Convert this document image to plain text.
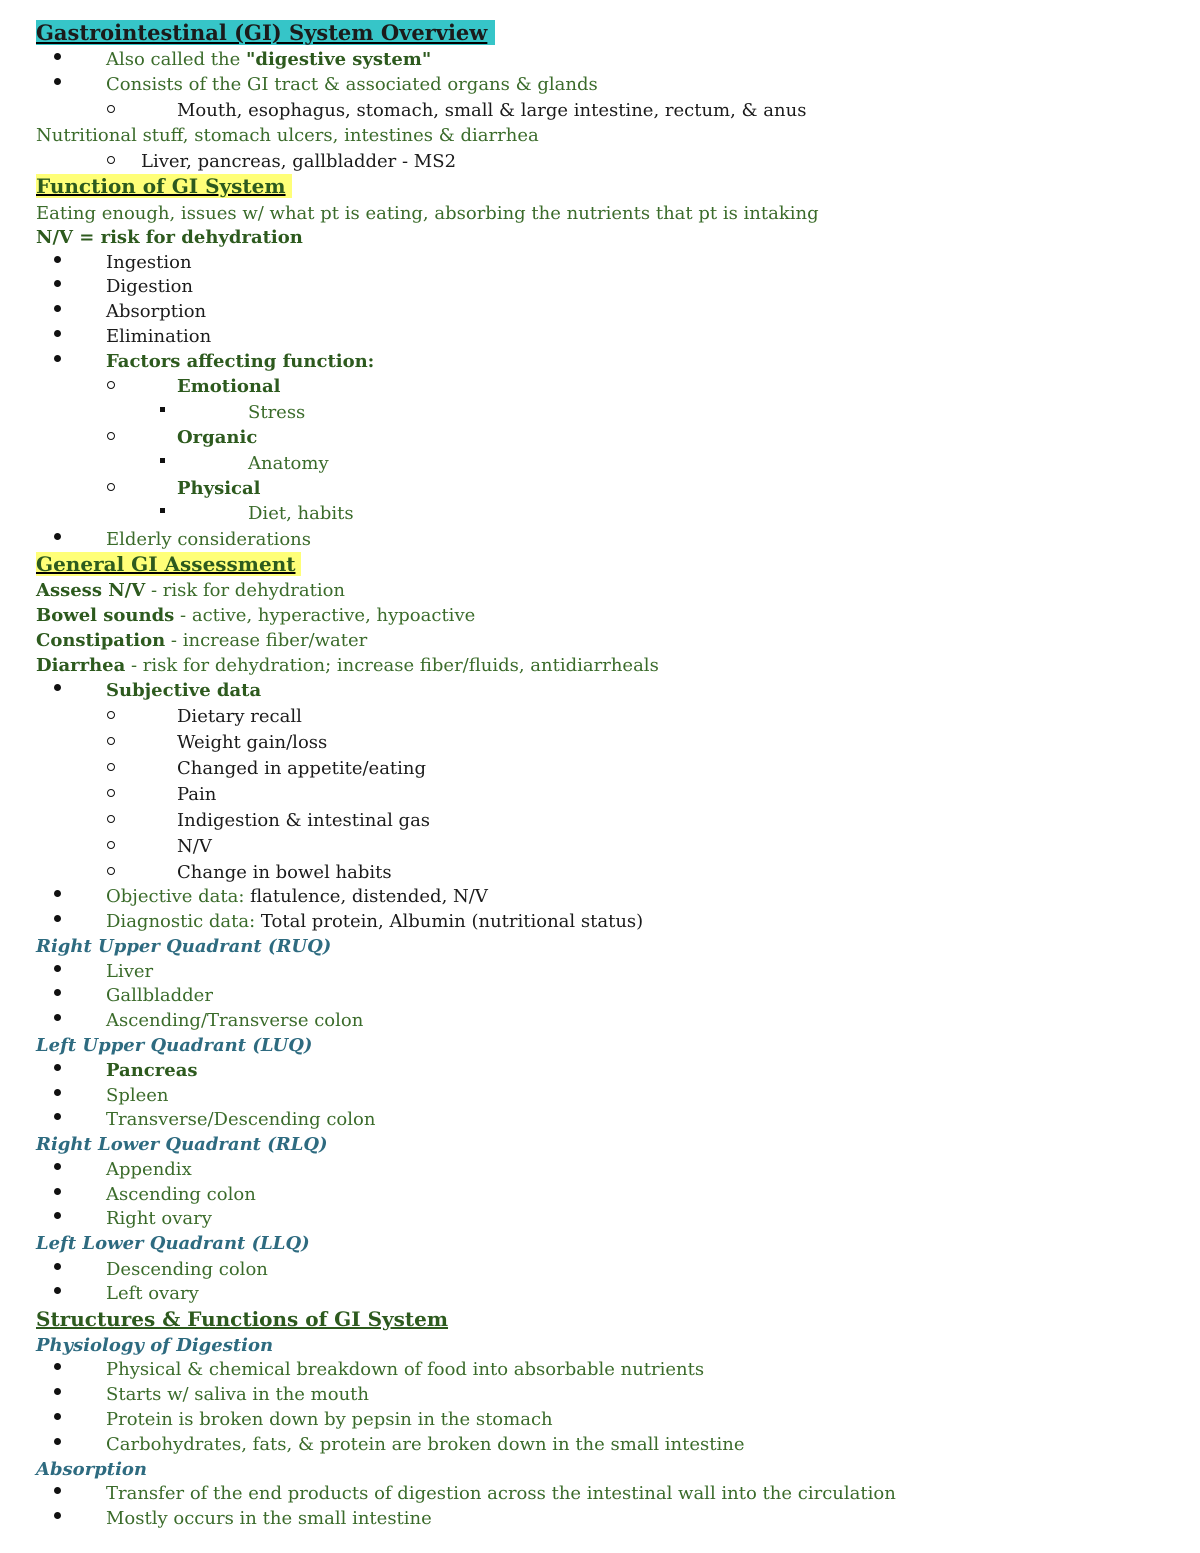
Gastrointestinal (GI) System Overview
Also called the "digestive system"
Consists of the GI tract & associated organs & glands
Mouth, esophagus, stomach, small & large intestine, rectum, & anus
Nutritional stuff, stomach ulcers, intestines & diarrhea
Liver, pancreas, gallbladder - MS2
Function of GI System
Eating enough, issues w/ what pt is eating, absorbing the nutrients that pt is intaking
N/V = risk for dehydration
Ingestion
Digestion
Absorption
Elimination
Factors affecting function:
Emotional
Stress
Organic
Anatomy
Physical
Diet, habits
Elderly considerations
General GI Assessment
Assess N/V - risk for dehydration
Bowel sounds - active, hyperactive, hypoactive
Constipation - increase fiber/water
Diarrhea - risk for dehydration; increase fiber/fluids, antidiarrheals
Subjective data
Dietary recall
Weight gain/loss
Changed in appetite/eating
Pain
Indigestion & intestinal gas
N/V
Change in bowel habits
Objective data: flatulence, distended, N/V
Diagnostic data: Total protein, Albumin (nutritional status)
Right Upper Quadrant (RUQ)
Liver
Gallbladder
Ascending/Transverse colon
Left Upper Quadrant (LUQ)
Pancreas
Spleen
Transverse/Descending colon
Right Lower Quadrant (RLQ)
Appendix
Ascending colon
Right ovary
Left Lower Quadrant (LLQ)
Descending colon
Left ovary
Structures & Functions of GI System
Physiology of Digestion
Physical & chemical breakdown of food into absorbable nutrients
Starts w/ saliva in the mouth
Protein is broken down by pepsin in the stomach
Carbohydrates, fats, & protein are broken down in the small intestine
Absorption
Transfer of the end products of digestion across the intestinal wall into the circulation
Mostly occurs in the small intestine
